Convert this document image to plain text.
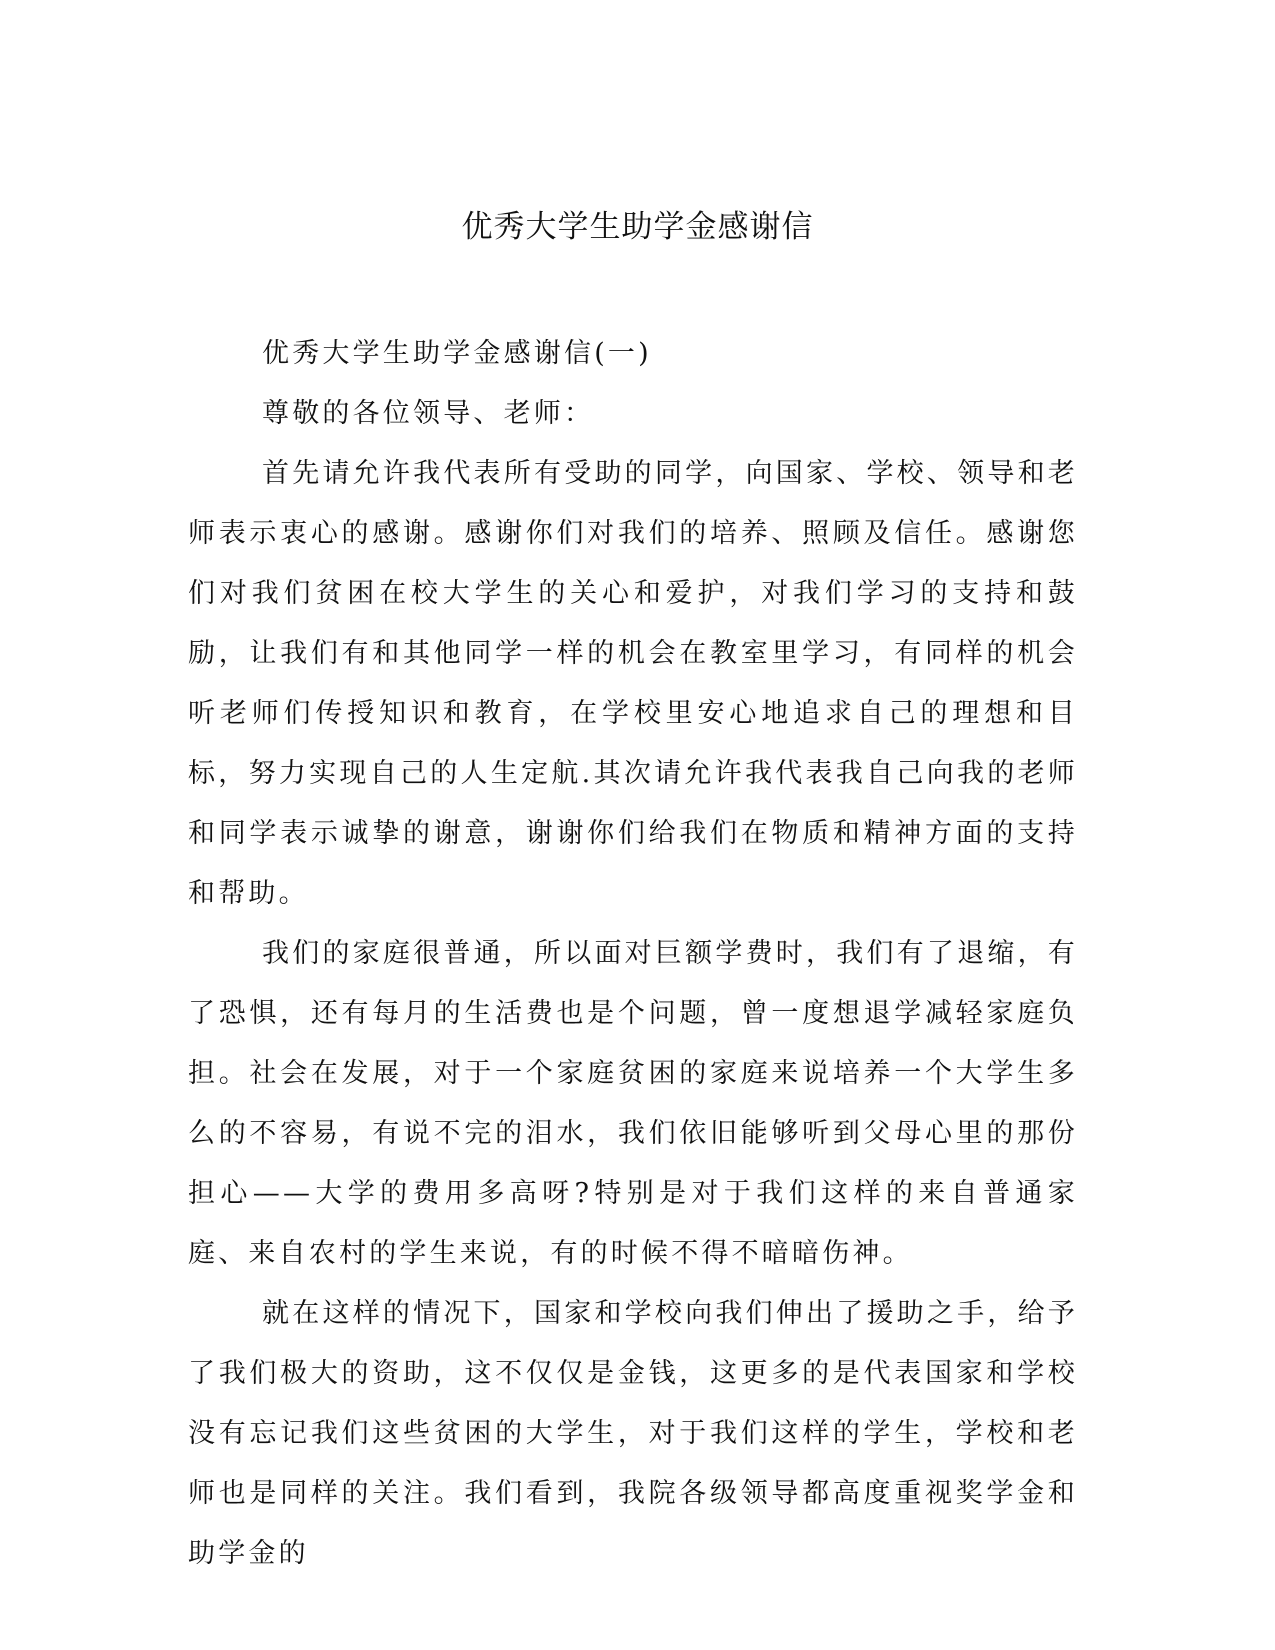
优秀大学生助学金感谢信

优秀大学生助学金感谢信(一)

尊敬的各位领导、老师：

首先请允许我代表所有受助的同学，向国家、学校、领导和老师表示衷心的感谢。感谢你们对我们的培养、照顾及信任。感谢您们对我们贫困在校大学生的关心和爱护，对我们学习的支持和鼓励，让我们有和其他同学一样的机会在教室里学习，有同样的机会听老师们传授知识和教育，在学校里安心地追求自己的理想和目标，努力实现自己的人生定航.其次请允许我代表我自己向我的老师和同学表示诚挚的谢意，谢谢你们给我们在物质和精神方面的支持和帮助。

我们的家庭很普通，所以面对巨额学费时，我们有了退缩，有了恐惧，还有每月的生活费也是个问题，曾一度想退学减轻家庭负担。社会在发展，对于一个家庭贫困的家庭来说培养一个大学生多么的不容易，有说不完的泪水，我们依旧能够听到父母心里的那份担心——大学的费用多高呀?特别是对于我们这样的来自普通家庭、来自农村的学生来说，有的时候不得不暗暗伤神。

就在这样的情况下，国家和学校向我们伸出了援助之手，给予了我们极大的资助，这不仅仅是金钱，这更多的是代表国家和学校没有忘记我们这些贫困的大学生，对于我们这样的学生，学校和老师也是同样的关注。我们看到，我院各级领导都高度重视奖学金和助学金的
